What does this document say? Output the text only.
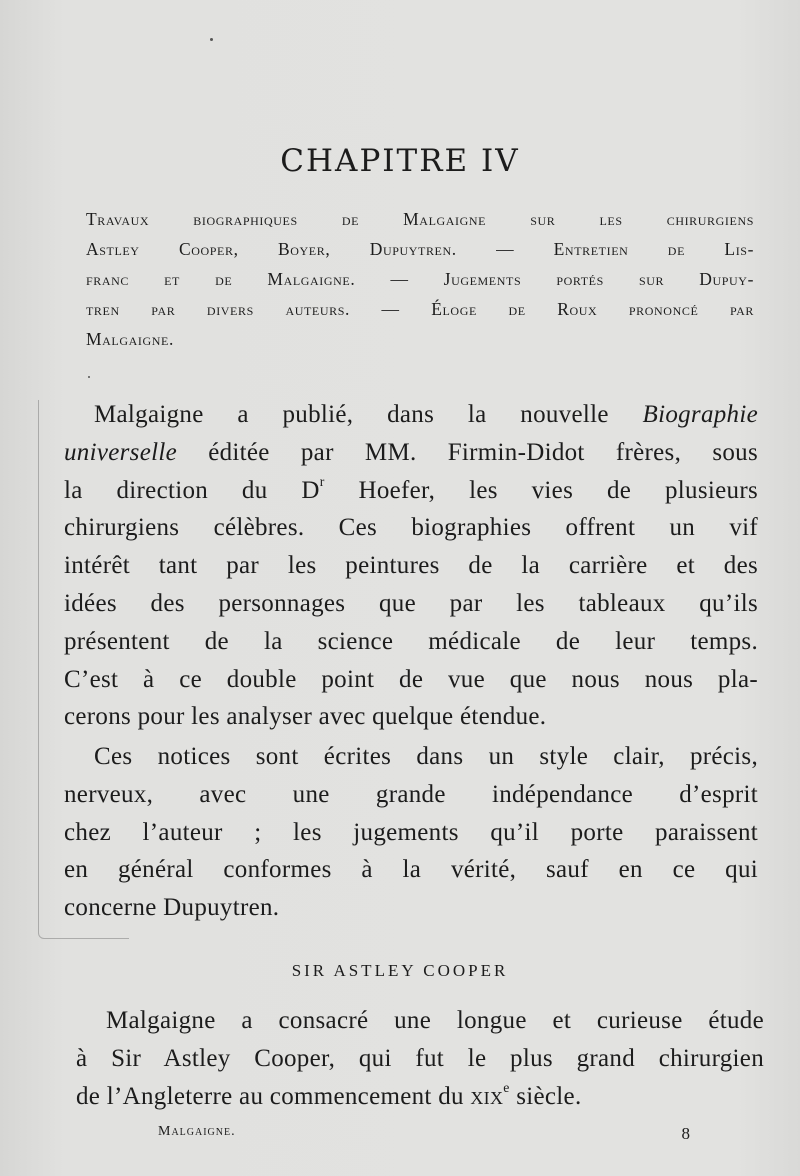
CHAPITRE IV
Travaux biographiques de Malgaigne sur les chirurgiens
Astley Cooper, Boyer, Dupuytren. — Entretien de Lis-
franc et de Malgaigne. — Jugements portés sur Dupuy-
tren par divers auteurs. — Éloge de Roux prononcé par
Malgaigne.
Malgaigne a publié, dans la nouvelle Biographie
universelle éditée par MM. Firmin-Didot frères, sous
la direction du $D^r$ Hoefer, les vies de plusieurs
chirurgiens célèbres. Ces biographies offrent un vif
intérêt tant par les peintures de la carrière et des
idées des personnages que par les tableaux qu’ils
présentent de la science médicale de leur temps.
C’est à ce double point de vue que nous nous pla-
cerons pour les analyser avec quelque étendue.
Ces notices sont écrites dans un style clair, précis,
nerveux, avec une grande indépendance d’esprit
chez l’auteur ; les jugements qu’il porte paraissent
en général conformes à la vérité, sauf en ce qui
concerne Dupuytren.
SIR ASTLEY COOPER
Malgaigne a consacré une longue et curieuse étude
à Sir Astley Cooper, qui fut le plus grand chirurgien
de l’Angleterre au commencement du xix$^e$ siècle.
Malgaigne.	8
